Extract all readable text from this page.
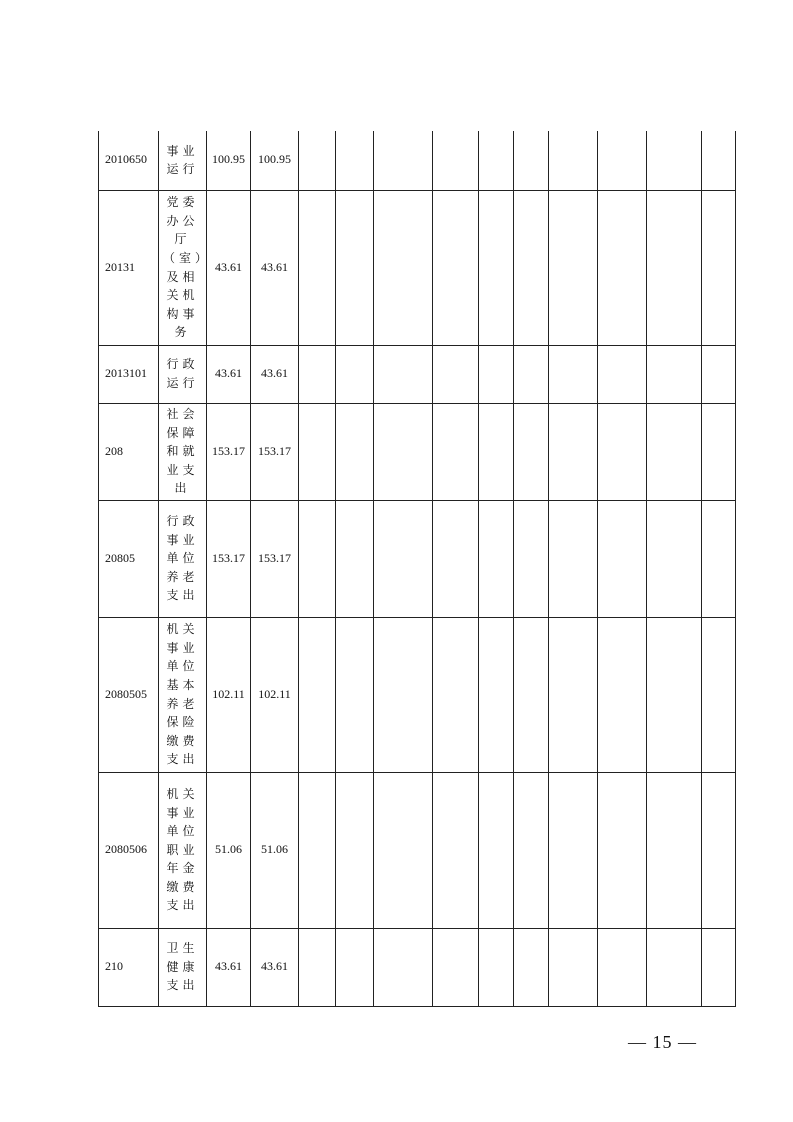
2010650	事业运行	100.95	100.95										
20131	党委办公厅（室）及相关机构事务	43.61	43.61										
2013101	行政运行	43.61	43.61										
208	社会保障和就业支出	153.17	153.17										
20805	行政事业单位养老支出	153.17	153.17										
2080505	机关事业单位基本养老保险缴费支出	102.11	102.11										
2080506	机关事业单位职业年金缴费支出	51.06	51.06										
210	卫生健康支出	43.61	43.61										
— 15 —
